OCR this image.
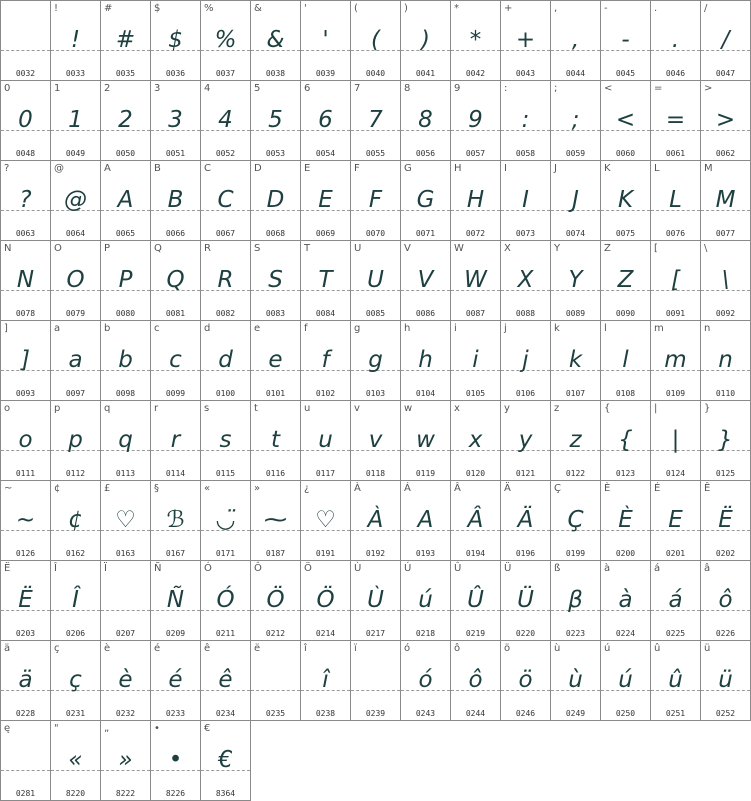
0032
!
!
0033
#
#
0035
$
$
0036
%
%
0037
&
&
0038
'
'
0039
(
(
0040
)
)
0041
*
*
0042
+
+
0043
,
,
0044
-
-
0045
.
.
0046
/
/
0047
0
0
0048
1
1
0049
2
2
0050
3
3
0051
4
4
0052
5
5
0053
6
6
0054
7
7
0055
8
8
0056
9
9
0057
:
:
0058
;
;
0059
<
<
0060
=
=
0061
>
>
0062
?
?
0063
@
@
0064
A
A
0065
B
B
0066
C
C
0067
D
D
0068
E
E
0069
F
F
0070
G
G
0071
H
H
0072
I
I
0073
J
J
0074
K
K
0075
L
L
0076
M
M
0077
N
N
0078
O
O
0079
P
P
0080
Q
Q
0081
R
R
0082
S
S
0083
T
T
0084
U
U
0085
V
V
0086
W
W
0087
X
X
0088
Y
Y
0089
Z
Z
0090
[
[
0091
\
\
0092
]
]
0093
a
a
0097
b
b
0098
c
c
0099
d
d
0100
e
e
0101
f
f
0102
g
g
0103
h
h
0104
i
i
0105
j
j
0106
k
k
0107
l
l
0108
m
m
0109
n
n
0110
o
o
0111
p
p
0112
q
q
0113
r
r
0114
s
s
0115
t
t
0116
u
u
0117
v
v
0118
w
w
0119
x
x
0120
y
y
0121
z
z
0122
{
{
0123
|
|
0124
}
}
0125
~
~
0126
¢
¢
0162
£
♡
0163
§
ℬ
0167
«
◡̈
0171
»
⁓
0187
¿
♡
0191
À
À
0192
Á
A
0193
Â
Â
0194
Ä
Ä
0196
Ç
Ç
0199
È
È
0200
É
E
0201
Ê
Ë
0202
Ë
Ë
0203
Î
Î
0206
Ï
0207
Ñ
Ñ
0209
Ó
Ó
0211
Ô
Ö
0212
Ö
Ö
0214
Ù
Ù
0217
Ú
ú
0218
Û
Û
0219
Ü
Ü
0220
ß
β
0223
à
à
0224
á
á
0225
â
ô
0226
ä
ä
0228
ç
ç
0231
è
è
0232
é
é
0233
ê
ê
0234
ë
0235
î
î
0238
ï
0239
ó
ó
0243
ô
ô
0244
ö
ö
0246
ù
ù
0249
ú
ú
0250
û
û
0251
ü
ü
0252
ę
0281
"
«
8220
„
»
8222
•
•
8226
€
€
8364
